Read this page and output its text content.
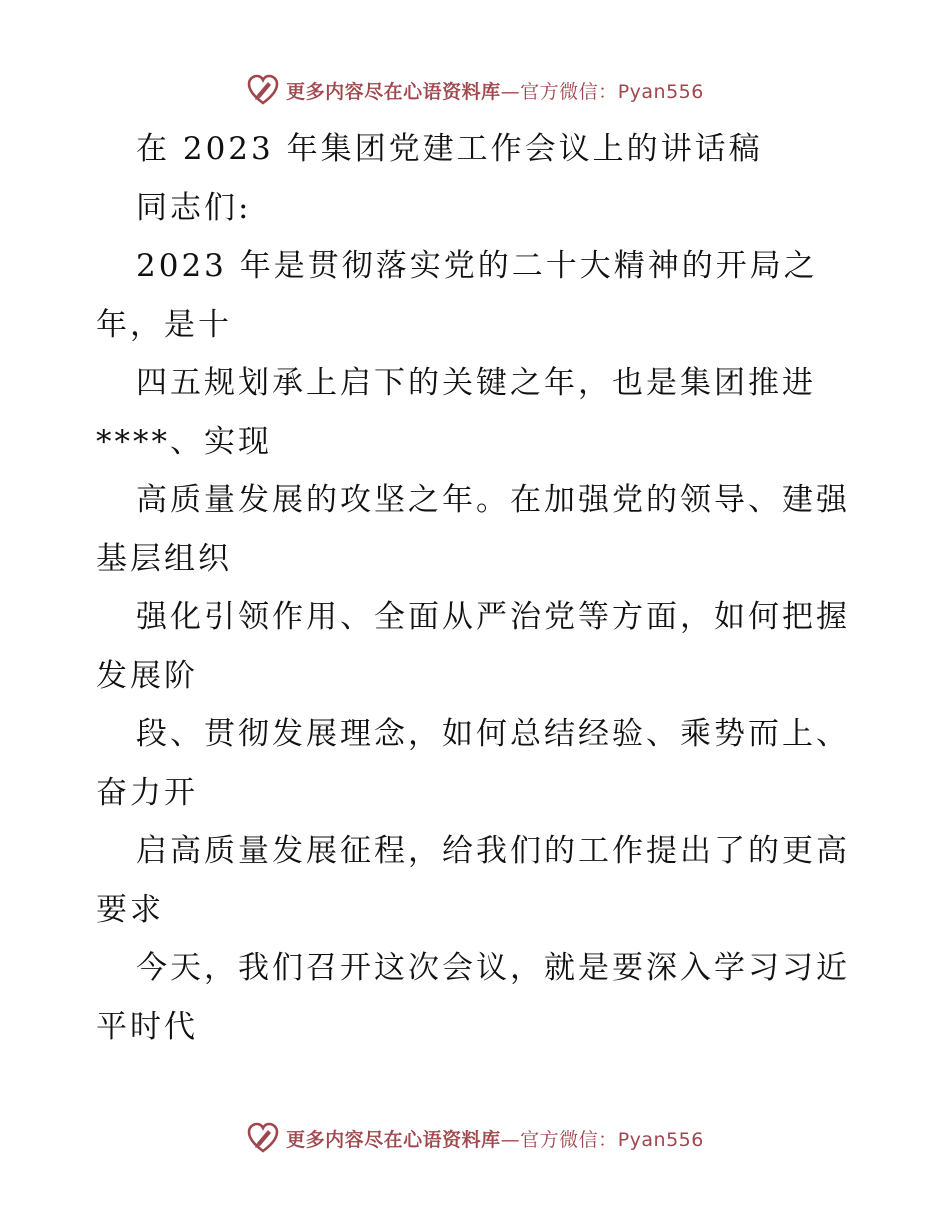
更多内容尽在心语资料库—官方微信：Pyan556
在 2023 年集团党建工作会议上的讲话稿
同志们:
2023 年是贯彻落实党的二十大精神的开局之
年，是十
四五规划承上启下的关键之年，也是集团推进
****、实现
高质量发展的攻坚之年。在加强党的领导、建强
基层组织
强化引领作用、全面从严治党等方面，如何把握
发展阶
段、贯彻发展理念，如何总结经验、乘势而上、
奋力开
启高质量发展征程，给我们的工作提出了的更高
要求
今天，我们召开这次会议，就是要深入学习习近
平时代
更多内容尽在心语资料库—官方微信：Pyan556
